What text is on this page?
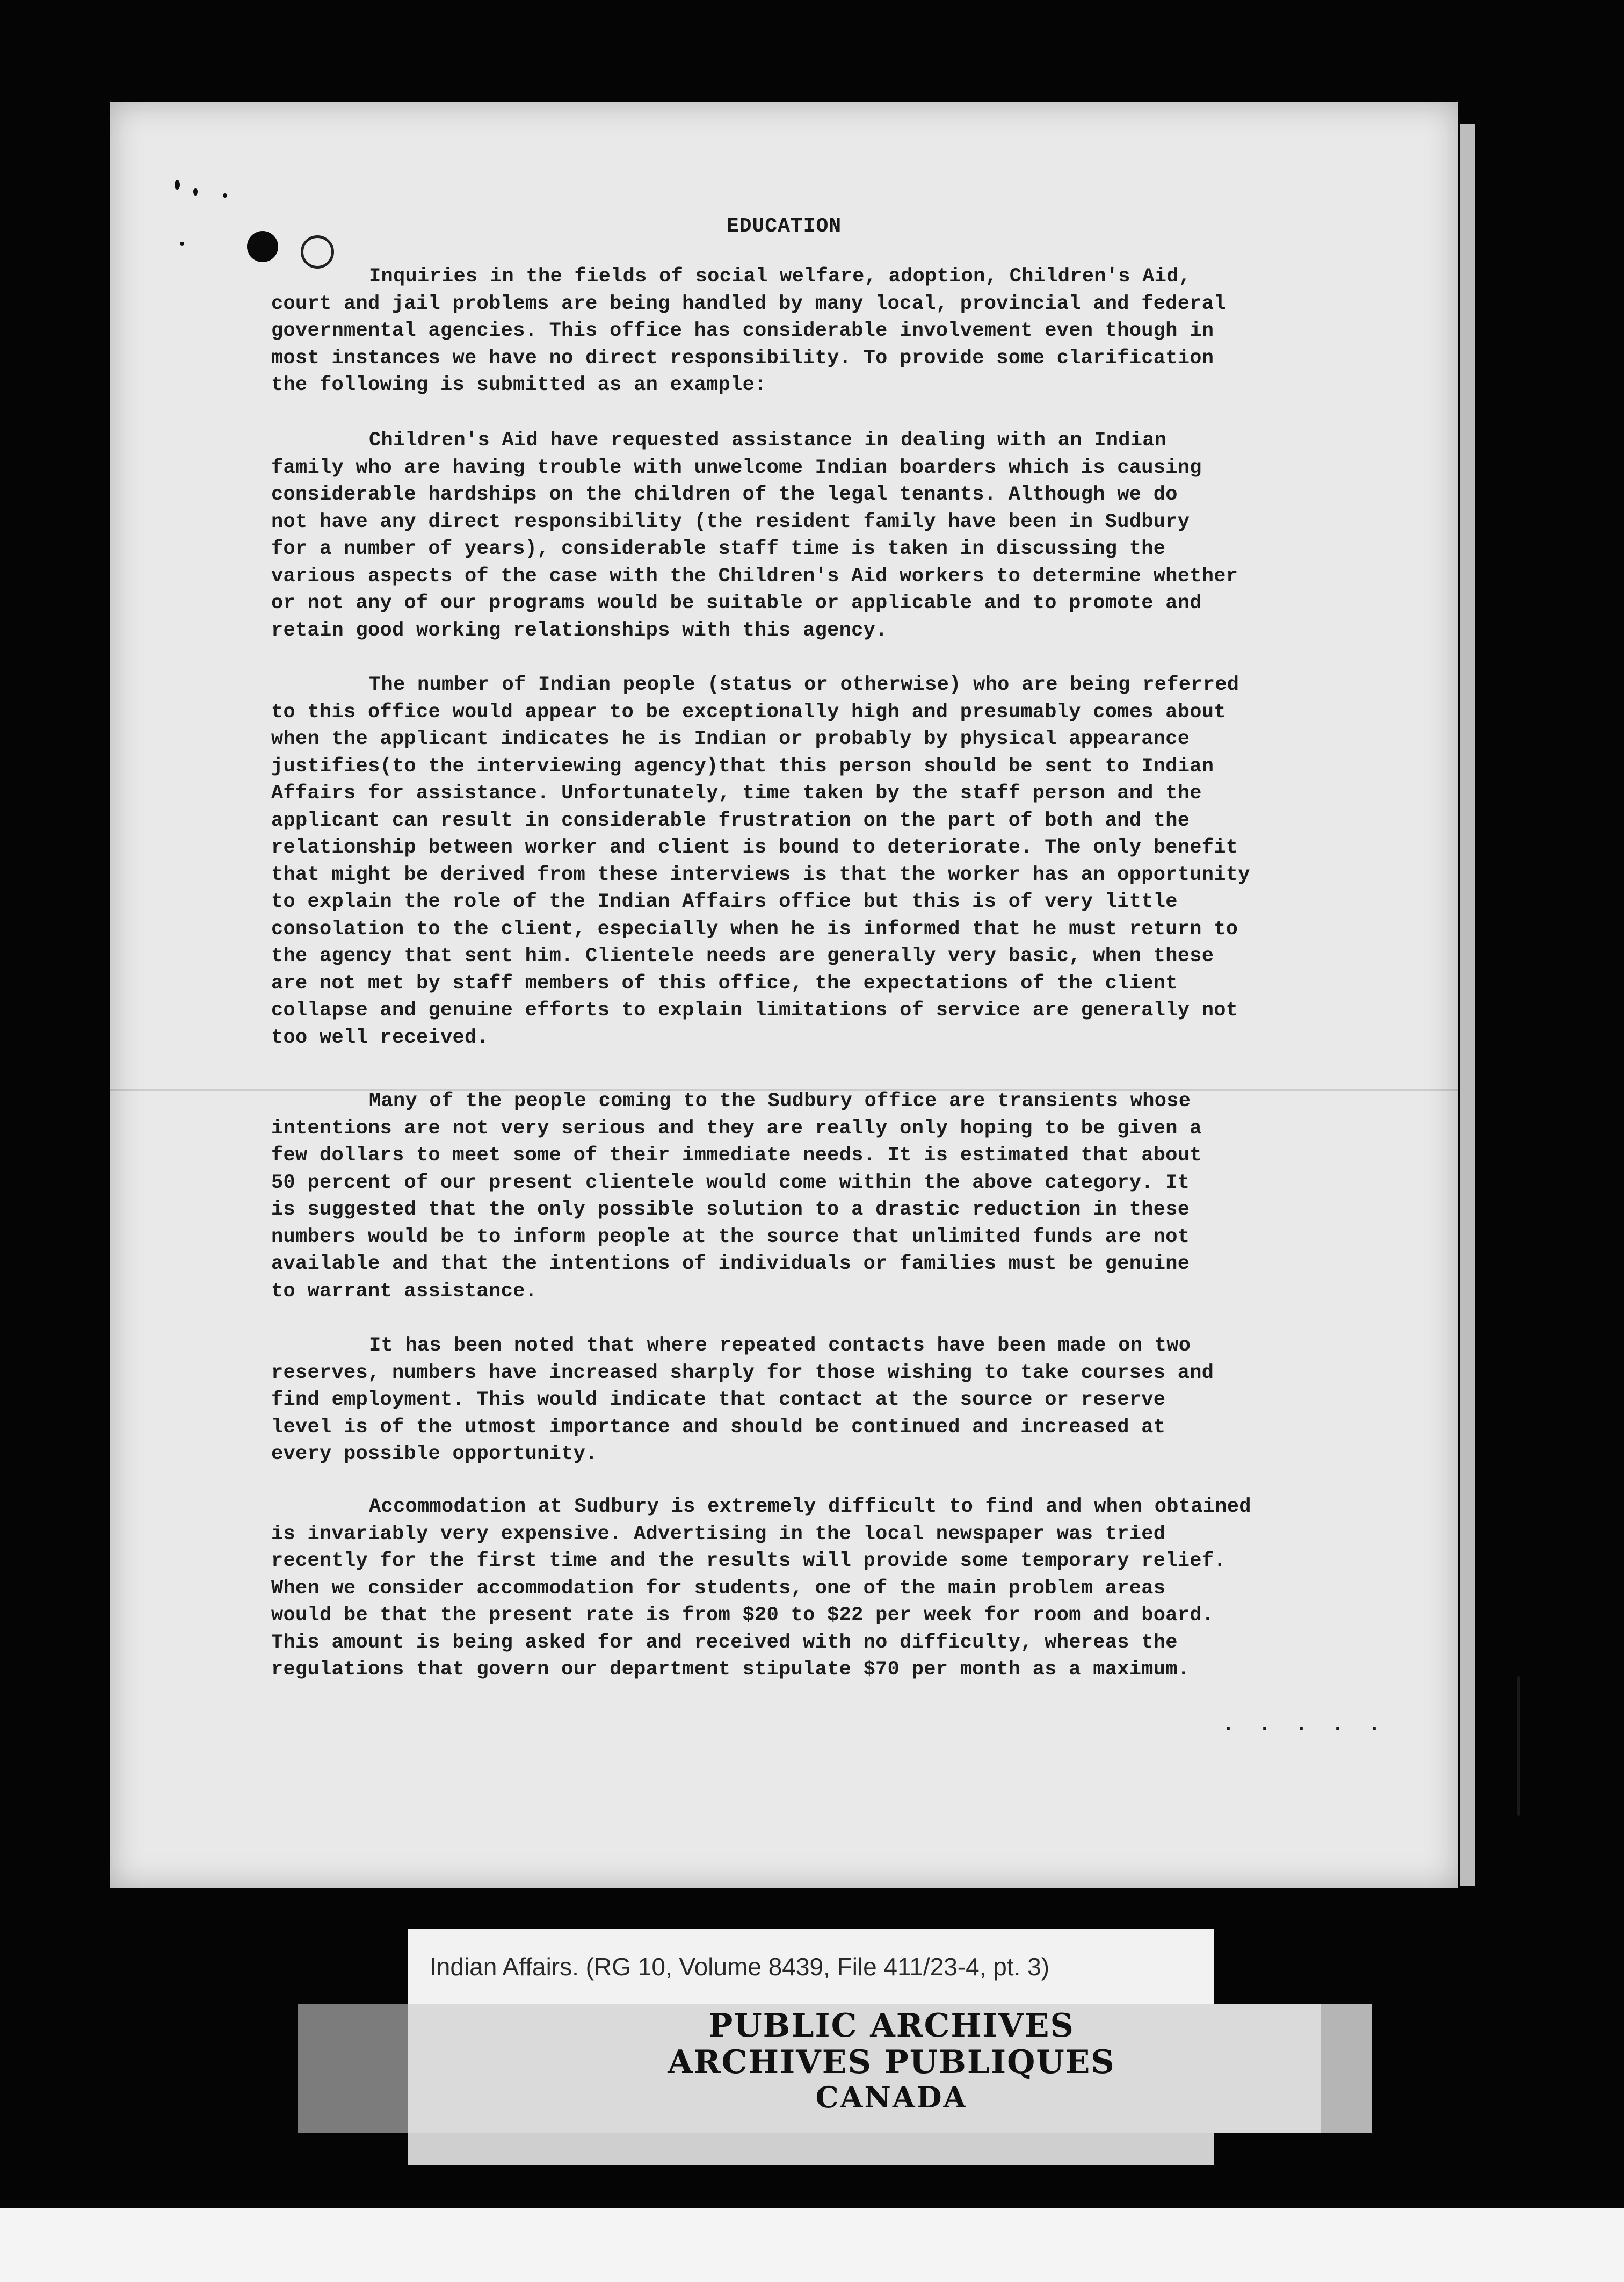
EDUCATION

Inquiries in the fields of social welfare, adoption, Children's Aid,
court and jail problems are being handled by many local, provincial and federal
governmental agencies. This office has considerable involvement even though in
most instances we have no direct responsibility. To provide some clarification
the following is submitted as an example:

Children's Aid have requested assistance in dealing with an Indian
family who are having trouble with unwelcome Indian boarders which is causing
considerable hardships on the children of the legal tenants. Although we do
not have any direct responsibility (the resident family have been in Sudbury
for a number of years), considerable staff time is taken in discussing the
various aspects of the case with the Children's Aid workers to determine whether
or not any of our programs would be suitable or applicable and to promote and
retain good working relationships with this agency.

The number of Indian people (status or otherwise) who are being referred
to this office would appear to be exceptionally high and presumably comes about
when the applicant indicates he is Indian or probably by physical appearance
justifies(to the interviewing agency)that this person should be sent to Indian
Affairs for assistance. Unfortunately, time taken by the staff person and the
applicant can result in considerable frustration on the part of both and the
relationship between worker and client is bound to deteriorate. The only benefit
that might be derived from these interviews is that the worker has an opportunity
to explain the role of the Indian Affairs office but this is of very little
consolation to the client, especially when he is informed that he must return to
the agency that sent him. Clientele needs are generally very basic, when these
are not met by staff members of this office, the expectations of the client
collapse and genuine efforts to explain limitations of service are generally not
too well received.

Many of the people coming to the Sudbury office are transients whose
intentions are not very serious and they are really only hoping to be given a
few dollars to meet some of their immediate needs. It is estimated that about
50 percent of our present clientele would come within the above category. It
is suggested that the only possible solution to a drastic reduction in these
numbers would be to inform people at the source that unlimited funds are not
available and that the intentions of individuals or families must be genuine
to warrant assistance.

It has been noted that where repeated contacts have been made on two
reserves, numbers have increased sharply for those wishing to take courses and
find employment. This would indicate that contact at the source or reserve
level is of the utmost importance and should be continued and increased at
every possible opportunity.

Accommodation at Sudbury is extremely difficult to find and when obtained
is invariably very expensive. Advertising in the local newspaper was tried
recently for the first time and the results will provide some temporary relief.
When we consider accommodation for students, one of the main problem areas
would be that the present rate is from $20 to $22 per week for room and board.
This amount is being asked for and received with no difficulty, whereas the
regulations that govern our department stipulate $70 per month as a maximum.

. . . . .
Indian Affairs. (RG 10, Volume 8439, File 411/23-4, pt. 3)
PUBLIC ARCHIVES
ARCHIVES PUBLIQUES
CANADA
